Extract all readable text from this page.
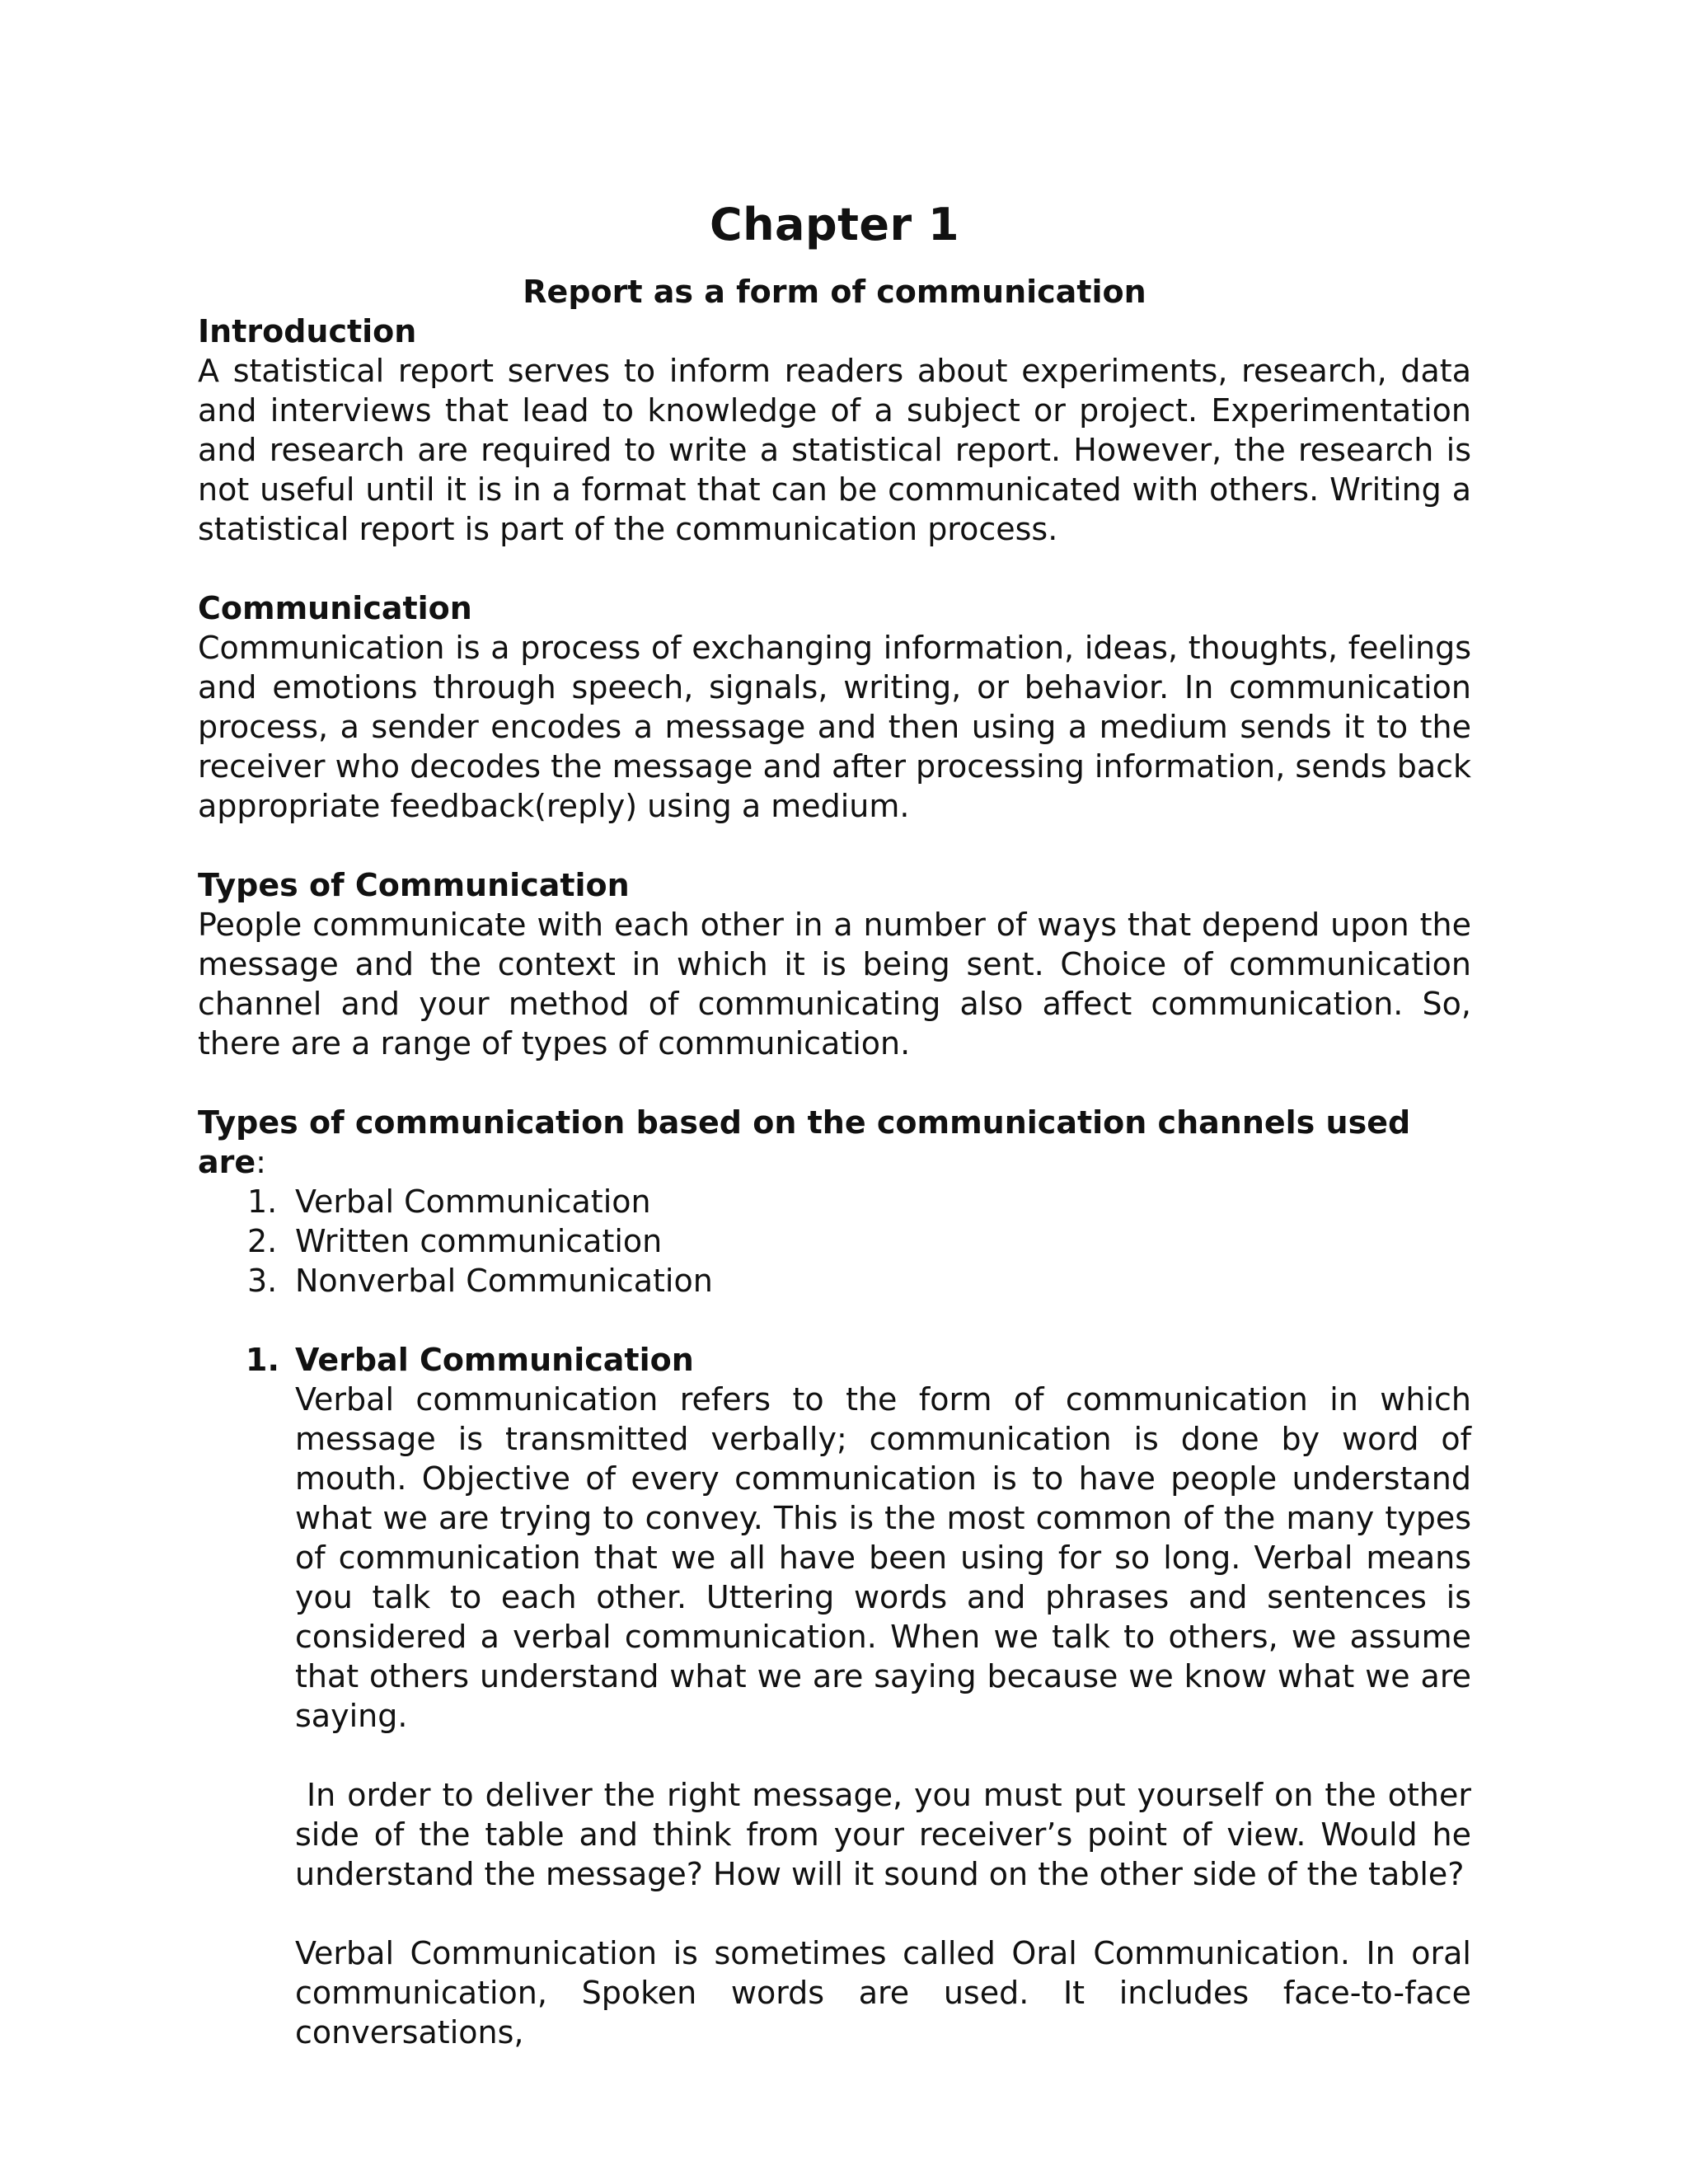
Chapter 1
Report as a form of communication
Introduction

A statistical report serves to inform readers about experiments, research, data and interviews that lead to knowledge of a subject or project. Experimentation and research are required to write a statistical report. However, the research is not useful until it is in a format that can be communicated with others. Writing a statistical report is part of the communication process.

Communication

Communication is a process of exchanging information, ideas, thoughts, feelings and emotions through speech, signals, writing, or behavior. In communication process, a sender encodes a message and then using a medium sends it to the receiver who decodes the message and after processing information, sends back appropriate feedback(reply) using a medium.

Types of Communication

People communicate with each other in a number of ways that depend upon the message and the context in which it is being sent. Choice of communication channel and your method of communicating also affect communication. So, there are a range of types of communication.

Types of communication based on the communication channels used are:

1. Verbal Communication
2. Written communication
3. Nonverbal Communication
1. Verbal Communication

Verbal communication refers to the form of communication in which message is transmitted verbally; communication is done by word of mouth. Objective of every communication is to have people understand what we are trying to convey. This is the most common of the many types of communication that we all have been using for so long. Verbal means you talk to each other. Uttering words and phrases and sentences is considered a verbal communication. When we talk to others, we assume that others understand what we are saying because we know what we are saying.

In order to deliver the right message, you must put yourself on the other side of the table and think from your receiver’s point of view. Would he understand the message? How will it sound on the other side of the table?

Verbal Communication is sometimes called Oral Communication. In oral communication, Spoken words are used. It includes face-to-face conversations,
